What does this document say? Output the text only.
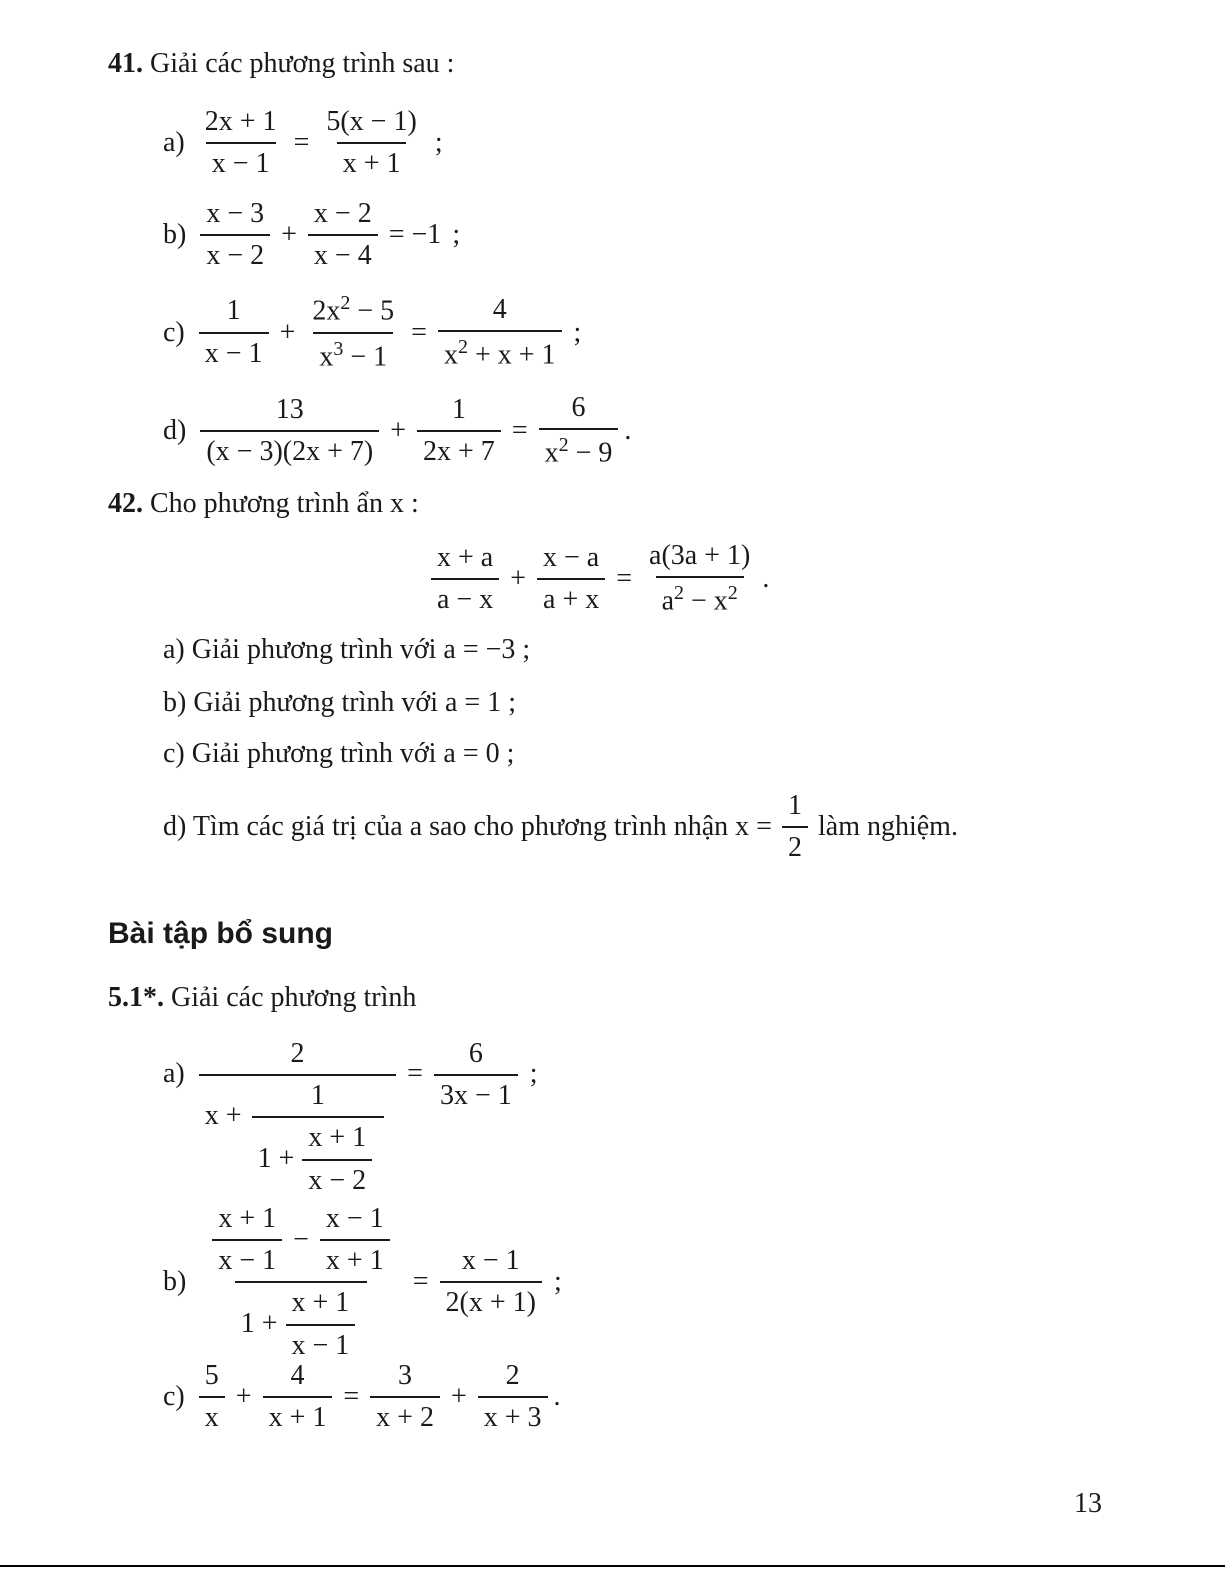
41. Giải các phương trình sau :
$a) \frac{2x + 1}{x - 1} = \frac{5(x - 1)}{x + 1}$ ;
$b) \frac{x - 3}{x - 2} + \frac{x - 2}{x - 4} = -1$ ;
$c) \frac{1}{x - 1} + \frac{2x^2 - 5}{x^3 - 1} = \frac{4}{x^2 + x + 1}$ ;
$d) \frac{13}{(x - 3)(2x + 7)} + \frac{1}{2x + 7} = \frac{6}{x^2 - 9}$ .
42. Cho phương trình ẩn x :
$\frac{x + a}{a - x} + \frac{x - a}{a + x} = \frac{a(3a + 1)}{a^2 - x^2}$ .
a) Giải phương trình với a = −3 ;
b) Giải phương trình với a = 1 ;
c) Giải phương trình với a = 0 ;
d) Tìm các giá trị của a sao cho phương trình nhận $x = \frac{1}{2}$ làm nghiệm.
Bài tập bổ sung
5.1*. Giải các phương trình
a)
2
$x + \frac{1}{1 + \frac{x + 1}{x - 2}}$
= $\frac{6}{3x - 1}$ ;
$b) \frac{\frac{x + 1}{x - 1} - \frac{x - 1}{x + 1}}{1 + \frac{x + 1}{x - 1}} = \frac{x - 1}{2(x + 1)}$ ;
$c) \frac{5}{x} + \frac{4}{x + 1} = \frac{3}{x + 2} + \frac{2}{x + 3}$ .
13
